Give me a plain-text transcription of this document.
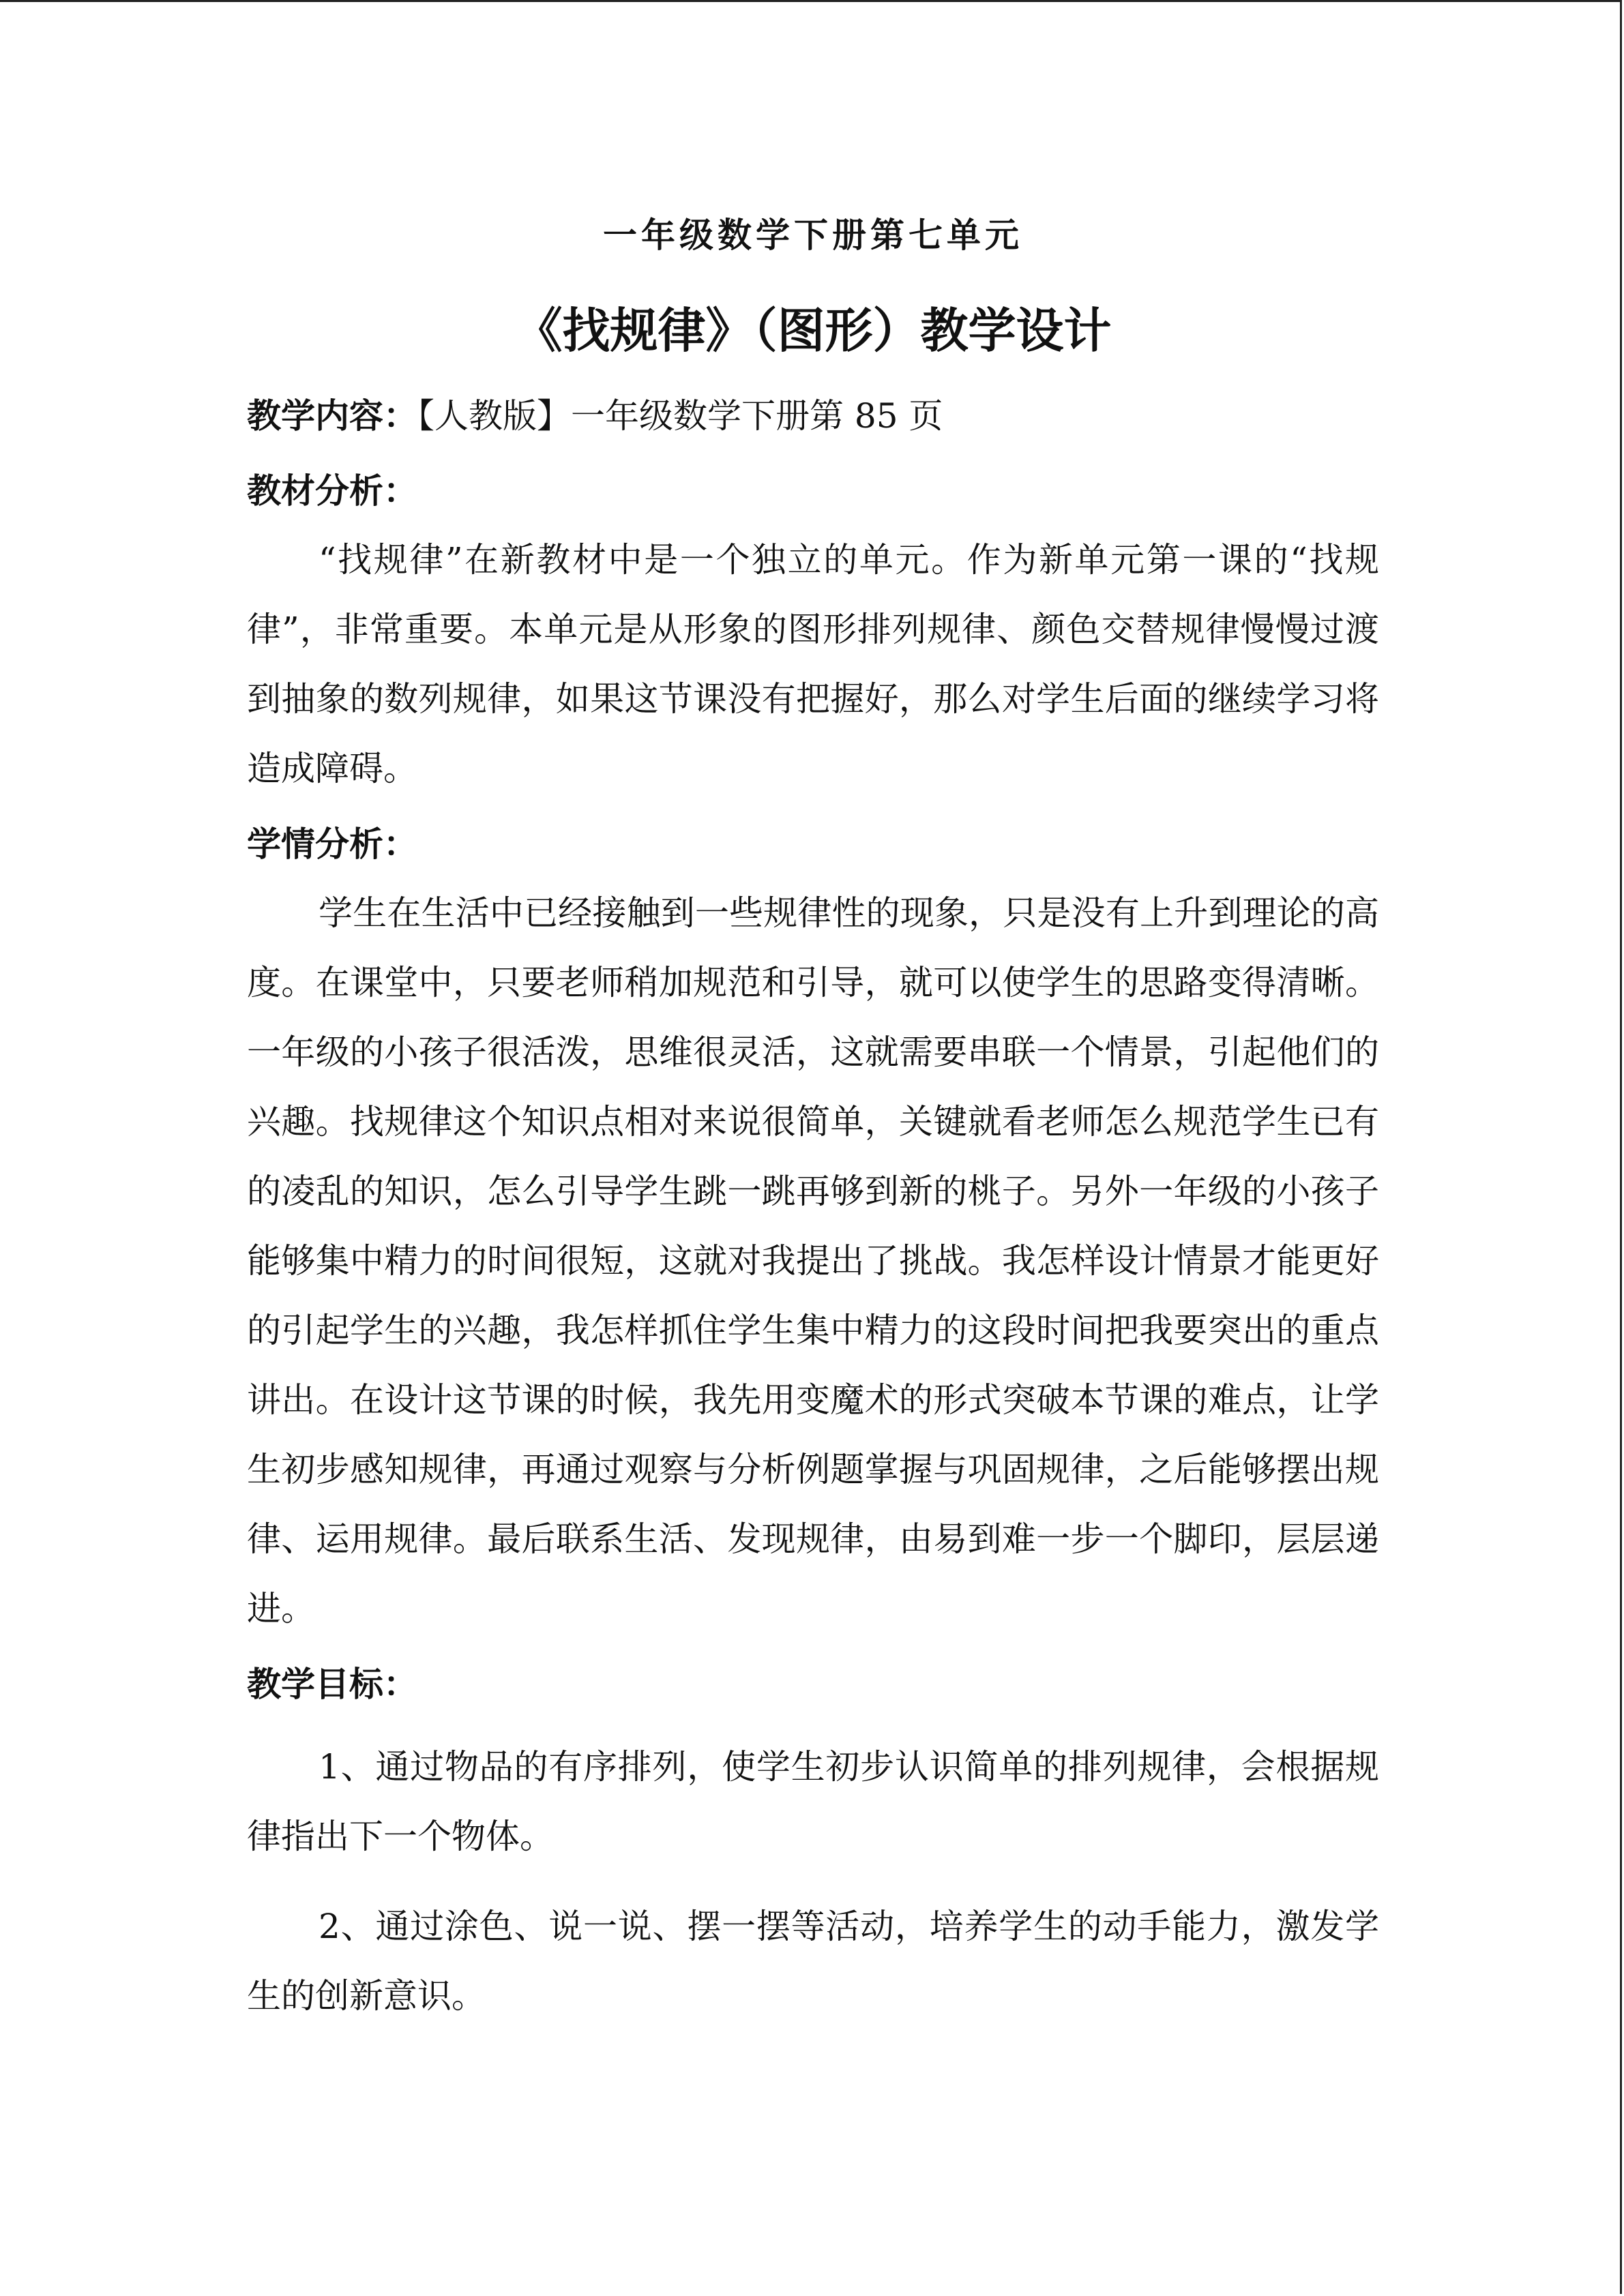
一年级数学下册第七单元
《找规律》（图形）教学设计

教学内容：【人教版】一年级数学下册第 85 页

教材分析：

“找规律”在新教材中是一个独立的单元。作为新单元第一课的“找规律”，非常重要。本单元是从形象的图形排列规律、颜色交替规律慢慢过渡到抽象的数列规律，如果这节课没有把握好，那么对学生后面的继续学习将造成障碍。

学情分析：

学生在生活中已经接触到一些规律性的现象，只是没有上升到理论的高度。在课堂中，只要老师稍加规范和引导，就可以使学生的思路变得清晰。一年级的小孩子很活泼，思维很灵活，这就需要串联一个情景，引起他们的兴趣。找规律这个知识点相对来说很简单，关键就看老师怎么规范学生已有的凌乱的知识，怎么引导学生跳一跳再够到新的桃子。另外一年级的小孩子能够集中精力的时间很短，这就对我提出了挑战。我怎样设计情景才能更好的引起学生的兴趣，我怎样抓住学生集中精力的这段时间把我要突出的重点讲出。在设计这节课的时候，我先用变魔术的形式突破本节课的难点，让学生初步感知规律，再通过观察与分析例题掌握与巩固规律，之后能够摆出规律、运用规律。最后联系生活、发现规律，由易到难一步一个脚印，层层递进。

教学目标：

1、通过物品的有序排列，使学生初步认识简单的排列规律，会根据规律指出下一个物体。

2、通过涂色、说一说、摆一摆等活动，培养学生的动手能力，激发学生的创新意识。
